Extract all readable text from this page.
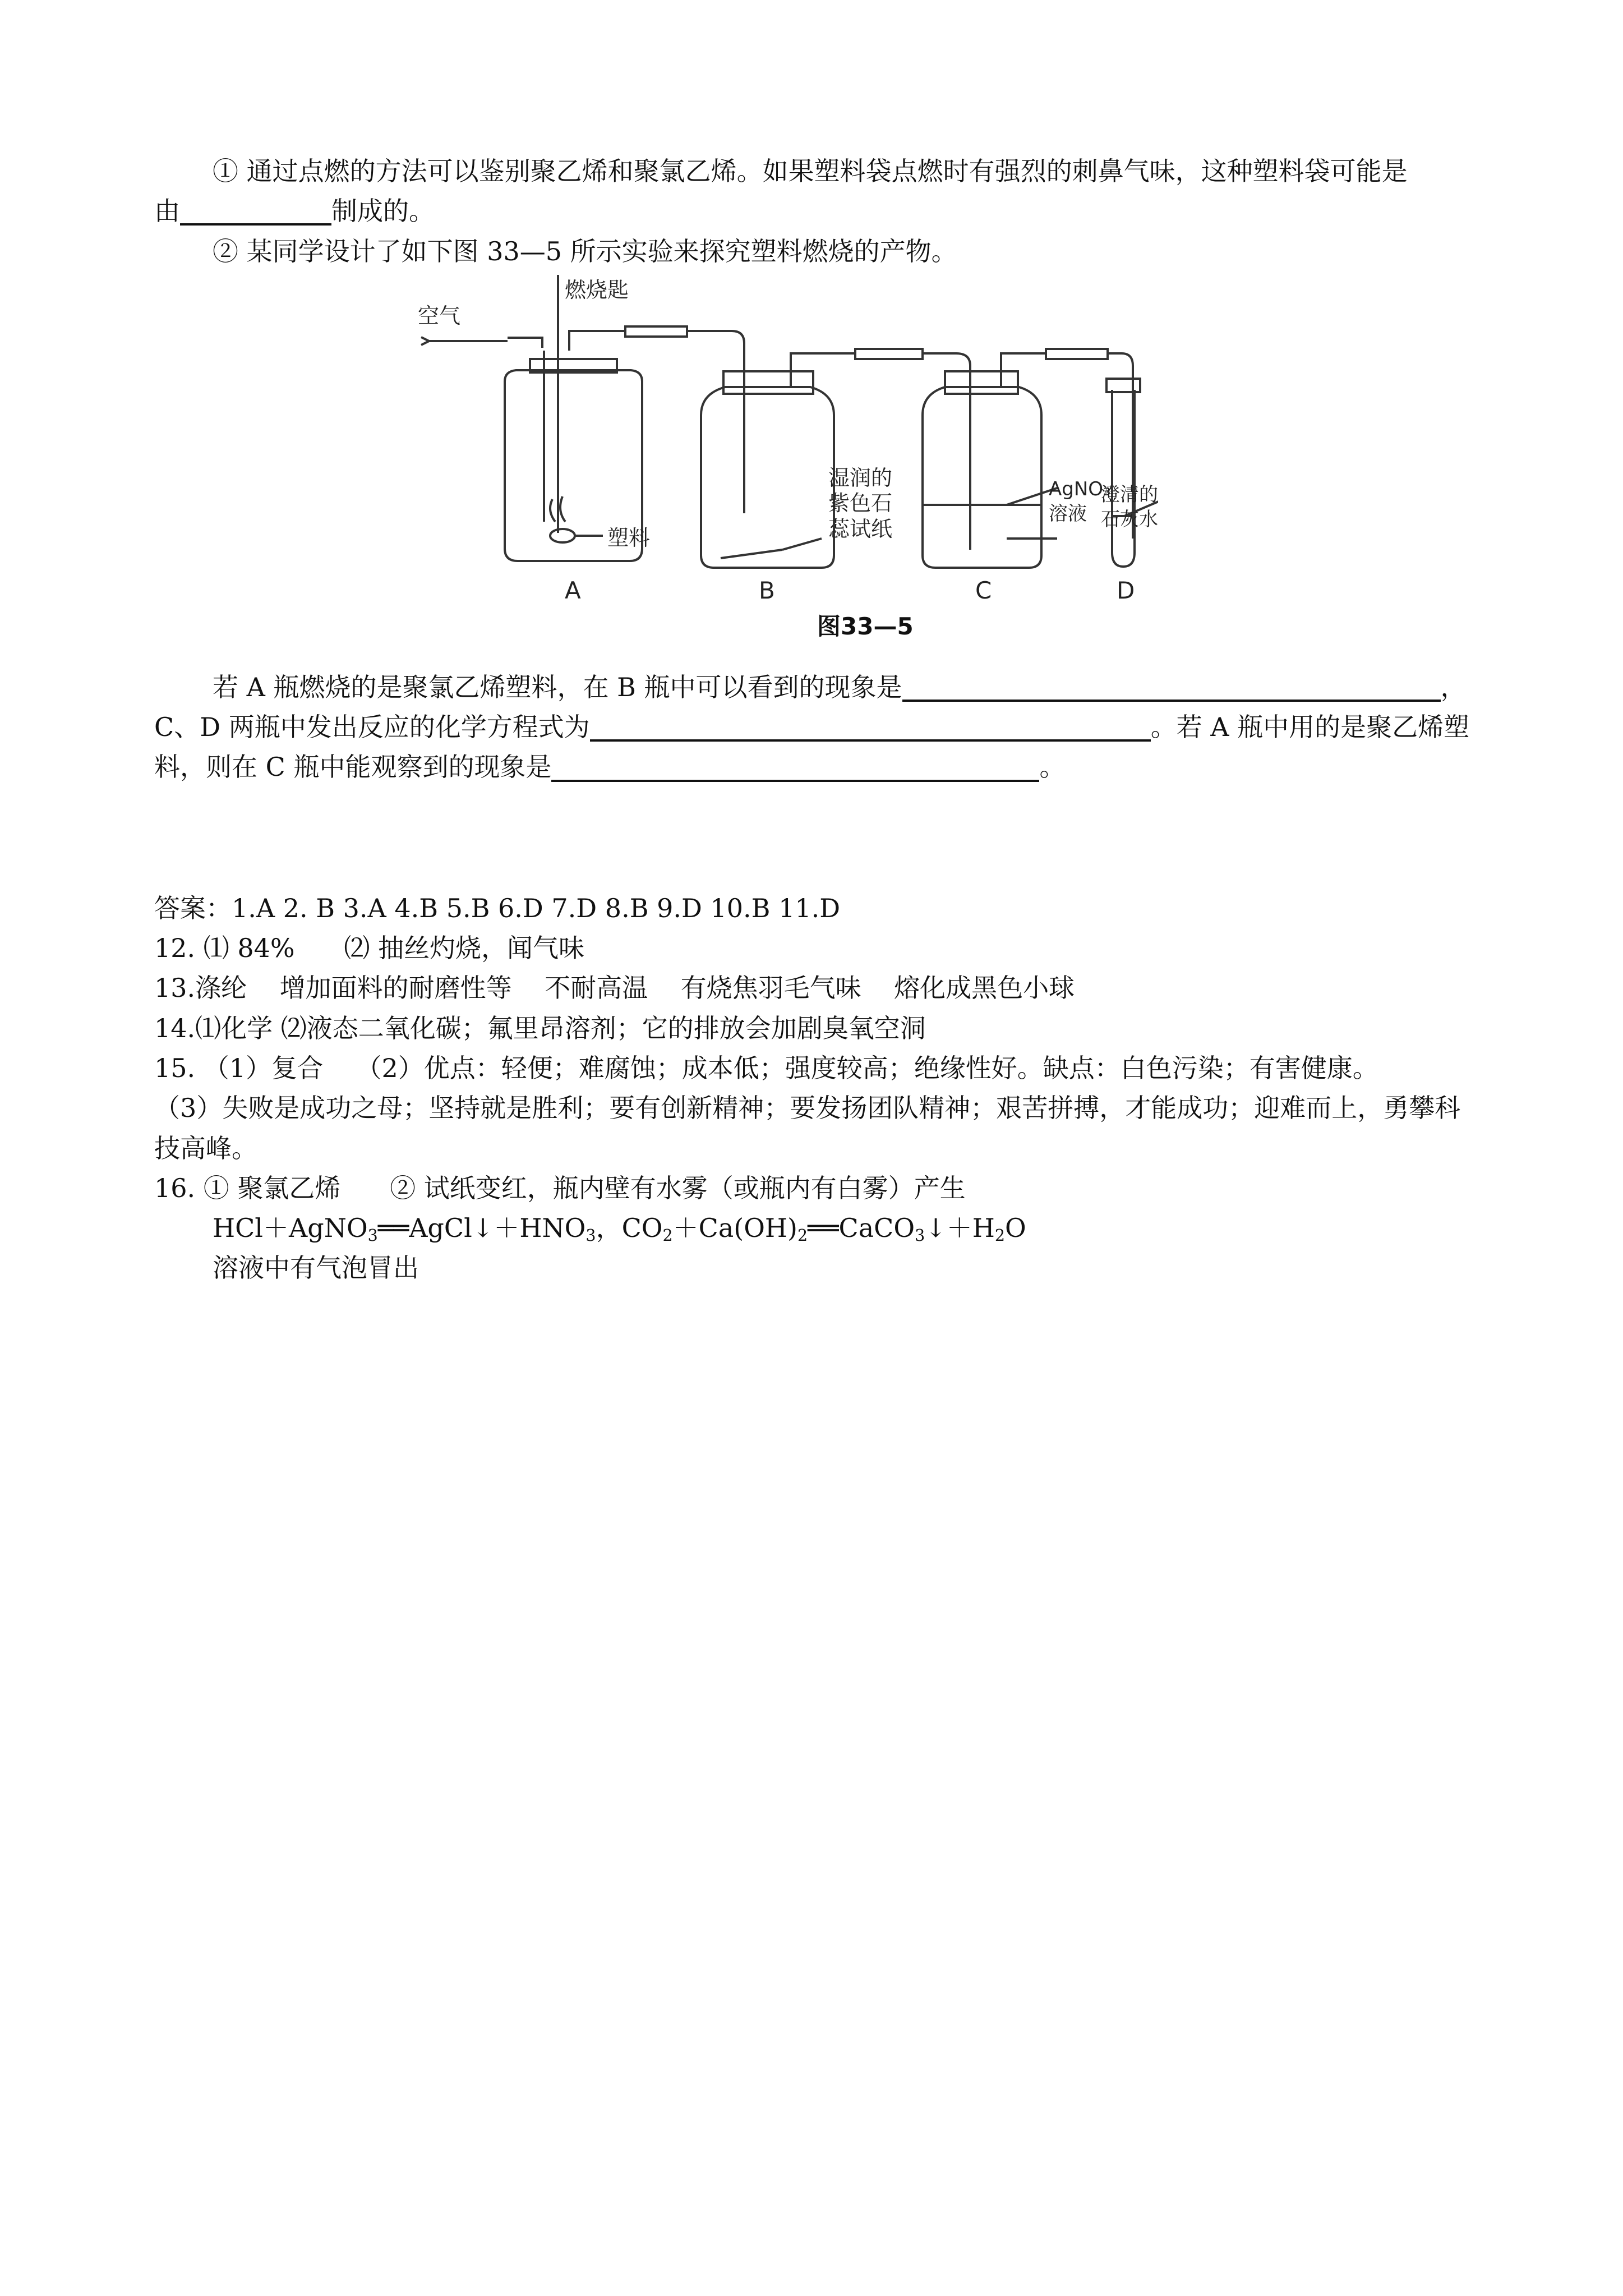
① 通过点燃的方法可以鉴别聚乙烯和聚氯乙烯。如果塑料袋点燃时有强烈的刺鼻气味，这种塑料袋可能是

由	制成的。

② 某同学设计了如下图 33—5 所示实验来探究塑料燃烧的产物。

空气
燃烧匙
塑料
湿润的
紫色石
蕊试纸
AgNO₃
溶液
澄清的
石灰水
A	B	C	D
图33—5

若 A 瓶燃烧的是聚氯乙烯塑料，在 B 瓶中可以看到的现象是	，

C、D 两瓶中发出反应的化学方程式为	。若 A 瓶中用的是聚乙烯塑

料，则在 C 瓶中能观察到的现象是	。

答案：1.A 2. B 3.A 4.B 5.B 6.D 7.D 8.B 9.D 10.B 11.D

12. ⑴ 84%      ⑵ 抽丝灼烧，闻气味

13.涤纶    增加面料的耐磨性等    不耐高温    有烧焦羽毛气味    熔化成黑色小球

14.⑴化学 ⑵液态二氧化碳；氟里昂溶剂；它的排放会加剧臭氧空洞

15. （1）复合    （2）优点：轻便；难腐蚀；成本低；强度较高；绝缘性好。缺点：白色污染；有害健康。

（3）失败是成功之母；坚持就是胜利；要有创新精神；要发扬团队精神；艰苦拼搏，才能成功；迎难而上，勇攀科

技高峰。

16. ① 聚氯乙烯      ② 试纸变红，瓶内壁有水雾（或瓶内有白雾）产生

$HCl+AgNO_3══AgCl↓+HNO_3$，$CO_2+Ca(OH)_2══CaCO_3↓+H_2O$

溶液中有气泡冒出
